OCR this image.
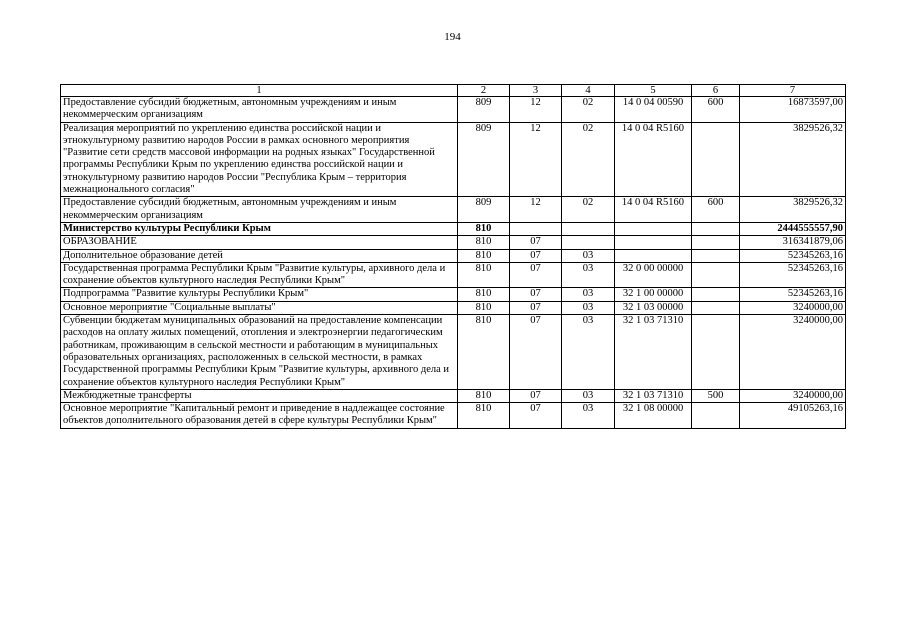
194
1	2	3	4	5	6	7
Предоставление субсидий бюджетным, автономным учреждениям и иным некоммерческим организациям	809	12	02	14 0 04 00590	600	16873597,00
Реализация мероприятий по укреплению единства российской нации и этнокультурному развитию народов России в рамках основного мероприятия "Развитие сети средств массовой информации на родных языках" Государственной программы Республики Крым по укреплению единства российской нации и этнокультурному развитию народов России "Республика Крым – территория межнационального согласия"	809	12	02	14 0 04 R5160		3829526,32
Предоставление субсидий бюджетным, автономным учреждениям и иным некоммерческим организациям	809	12	02	14 0 04 R5160	600	3829526,32
Министерство культуры Республики Крым	810					2444555557,90
ОБРАЗОВАНИЕ	810	07				316341879,06
Дополнительное образование детей	810	07	03			52345263,16
Государственная программа Республики Крым "Развитие культуры, архивного дела и сохранение объектов культурного наследия Республики Крым"	810	07	03	32 0 00 00000		52345263,16
Подпрограмма "Развитие культуры Республики Крым"	810	07	03	32 1 00 00000		52345263,16
Основное мероприятие "Социальные выплаты"	810	07	03	32 1 03 00000		3240000,00
Субвенции бюджетам муниципальных образований на предоставление компенсации расходов на оплату жилых помещений, отопления и электроэнергии педагогическим работникам, проживающим в сельской местности и работающим в муниципальных образовательных организациях, расположенных в сельской местности, в рамках Государственной программы Республики Крым "Развитие культуры, архивного дела и сохранение объектов культурного наследия Республики Крым"	810	07	03	32 1 03 71310		3240000,00
Межбюджетные трансферты	810	07	03	32 1 03 71310	500	3240000,00
Основное мероприятие "Капитальный ремонт и приведение в надлежащее состояние объектов дополнительного образования детей в сфере культуры Республики Крым"	810	07	03	32 1 08 00000		49105263,16
